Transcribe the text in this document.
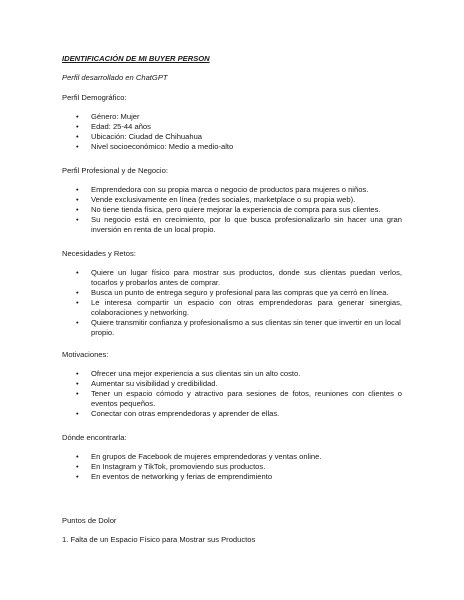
IDENTIFICACIÓN DE MI BUYER PERSON
Perfil desarrollado en ChatGPT
Perfil Demográfico:
• Género: Mujer
• Edad: 25-44 años
• Ubicación: Ciudad de Chihuahua
• Nivel socioeconómico: Medio a medio-alto
Perfil Profesional y de Negocio:
• Emprendedora con su propia marca o negocio de productos para mujeres o niños.
• Vende exclusivamente en línea (redes sociales, marketplace o su propia web).
• No tiene tienda física, pero quiere mejorar la experiencia de compra para sus clientes.
• Su negocio está en crecimiento, por lo que busca profesionalizarlo sin hacer una gran inversión en renta de un local propio.
Necesidades y Retos:
• Quiere un lugar físico para mostrar sus productos, donde sus clientas puedan verlos, tocarlos y probarlos antes de comprar.
• Busca un punto de entrega seguro y profesional para las compras que ya cerró en línea.
• Le interesa compartir un espacio con otras emprendedoras para generar sinergias, colaboraciones y networking.
• Quiere transmitir confianza y profesionalismo a sus clientas sin tener que invertir en un local propio.
Motivaciones:
• Ofrecer una mejor experiencia a sus clientas sin un alto costo.
• Aumentar su visibilidad y credibilidad.
• Tener un espacio cómodo y atractivo para sesiones de fotos, reuniones con clientes o eventos pequeños.
• Conectar con otras emprendedoras y aprender de ellas.
Dónde encontrarla:
• En grupos de Facebook de mujeres emprendedoras y ventas online.
• En Instagram y TikTok, promoviendo sus productos.
• En eventos de networking y ferias de emprendimiento
Puntos de Dolor
1. Falta de un Espacio Físico para Mostrar sus Productos
